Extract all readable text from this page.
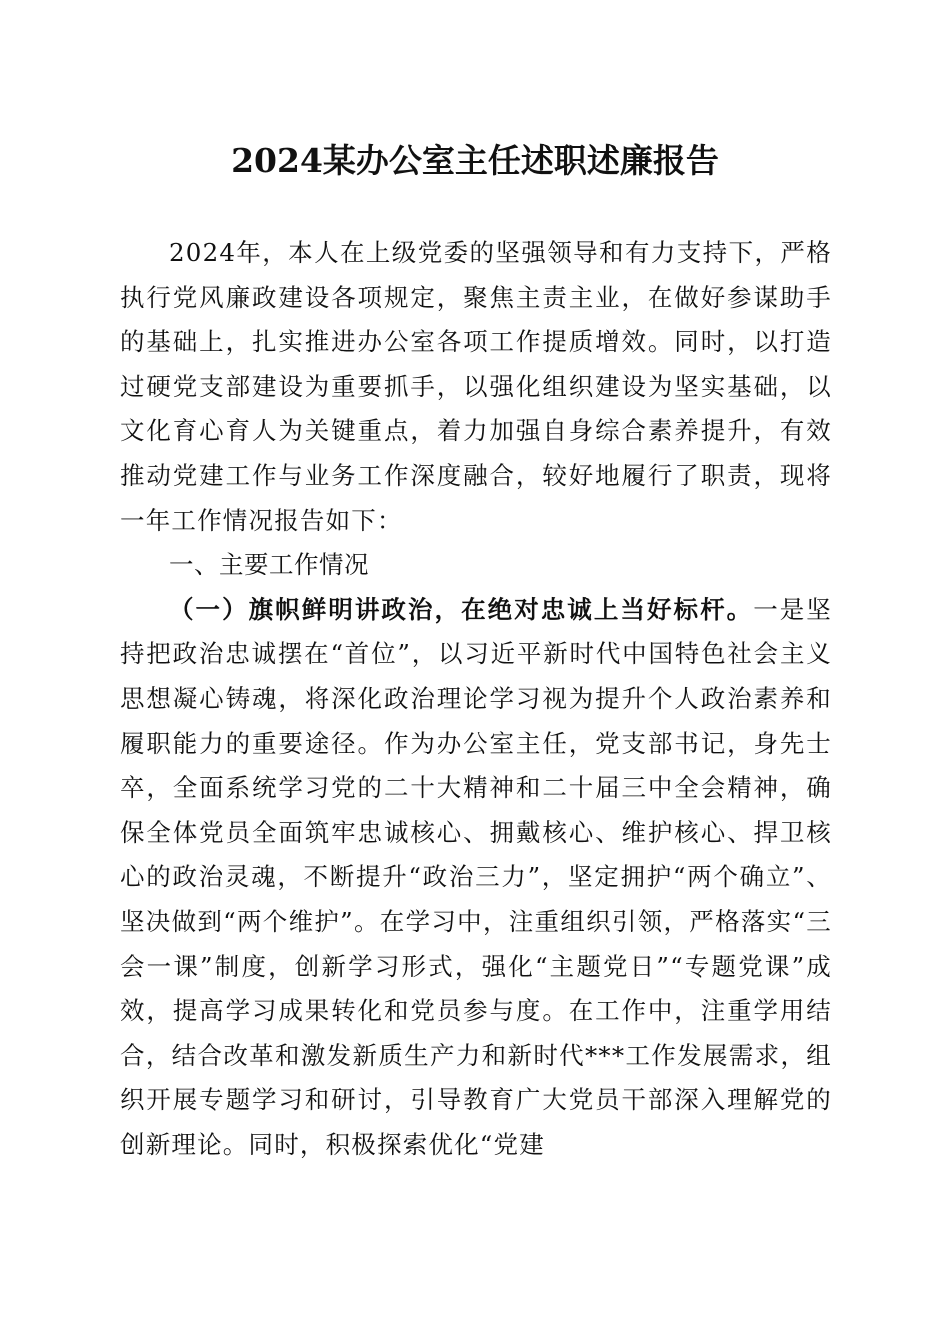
2024某办公室主任述职述廉报告

2024年，本人在上级党委的坚强领导和有力支持下，严格执行党风廉政建设各项规定，聚焦主责主业，在做好参谋助手的基础上，扎实推进办公室各项工作提质增效。同时，以打造过硬党支部建设为重要抓手，以强化组织建设为坚实基础，以文化育心育人为关键重点，着力加强自身综合素养提升，有效推动党建工作与业务工作深度融合，较好地履行了职责，现将一年工作情况报告如下：

一、主要工作情况

（一）旗帜鲜明讲政治，在绝对忠诚上当好标杆。一是坚持把政治忠诚摆在“首位”，以习近平新时代中国特色社会主义思想凝心铸魂，将深化政治理论学习视为提升个人政治素养和履职能力的重要途径。作为办公室主任，党支部书记，身先士卒，全面系统学习党的二十大精神和二十届三中全会精神，确保全体党员全面筑牢忠诚核心、拥戴核心、维护核心、捍卫核心的政治灵魂，不断提升“政治三力”，坚定拥护“两个确立”、坚决做到“两个维护”。在学习中，注重组织引领，严格落实“三会一课”制度，创新学习形式，强化“主题党日”“专题党课”成效，提高学习成果转化和党员参与度。在工作中，注重学用结合，结合改革和激发新质生产力和新时代***工作发展需求，组织开展专题学习和研讨，引导教育广大党员干部深入理解党的创新理论。同时，积极探索优化“党建
